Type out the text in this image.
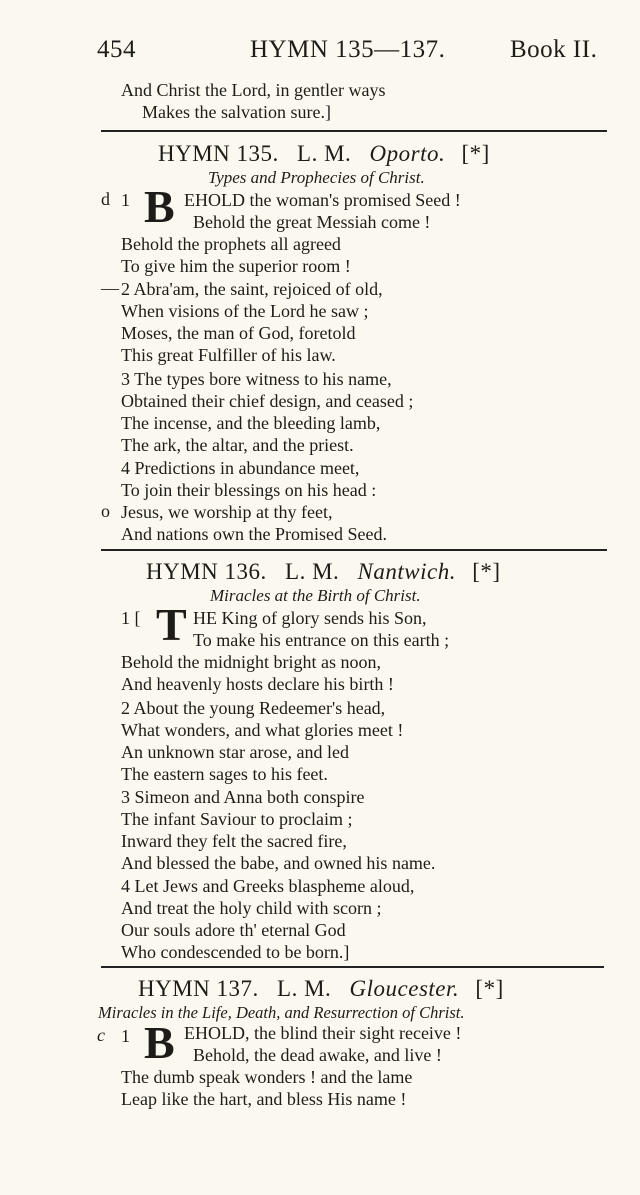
454	HYMN 135—137.	Book II.
And Christ the Lord, in gentler ways
Makes the salvation sure.]
HYMN 135. L. M. Oporto. [*]
Types and Prophecies of Christ.
d 1 B EHOLD the woman's promised Seed !
Behold the great Messiah come !
Behold the prophets all agreed
To give him the superior room !
— 2 Abra'am, the saint, rejoiced of old,
When visions of the Lord he saw ;
Moses, the man of God, foretold
This great Fulfiller of his law.
3 The types bore witness to his name,
Obtained their chief design, and ceased ;
The incense, and the bleeding lamb,
The ark, the altar, and the priest.
4 Predictions in abundance meet,
To join their blessings on his head :
o Jesus, we worship at thy feet,
And nations own the Promised Seed.
HYMN 136. L. M. Nantwich. [*]
Miracles at the Birth of Christ.
1 [ T HE King of glory sends his Son,
To make his entrance on this earth ;
Behold the midnight bright as noon,
And heavenly hosts declare his birth !
2 About the young Redeemer's head,
What wonders, and what glories meet !
An unknown star arose, and led
The eastern sages to his feet.
3 Simeon and Anna both conspire
The infant Saviour to proclaim ;
Inward they felt the sacred fire,
And blessed the babe, and owned his name.
4 Let Jews and Greeks blaspheme aloud,
And treat the holy child with scorn ;
Our souls adore th' eternal God
Who condescended to be born.]
HYMN 137. L. M. Gloucester. [*]
Miracles in the Life, Death, and Resurrection of Christ.
c 1 B EHOLD, the blind their sight receive !
Behold, the dead awake, and live !
The dumb speak wonders ! and the lame
Leap like the hart, and bless His name !
